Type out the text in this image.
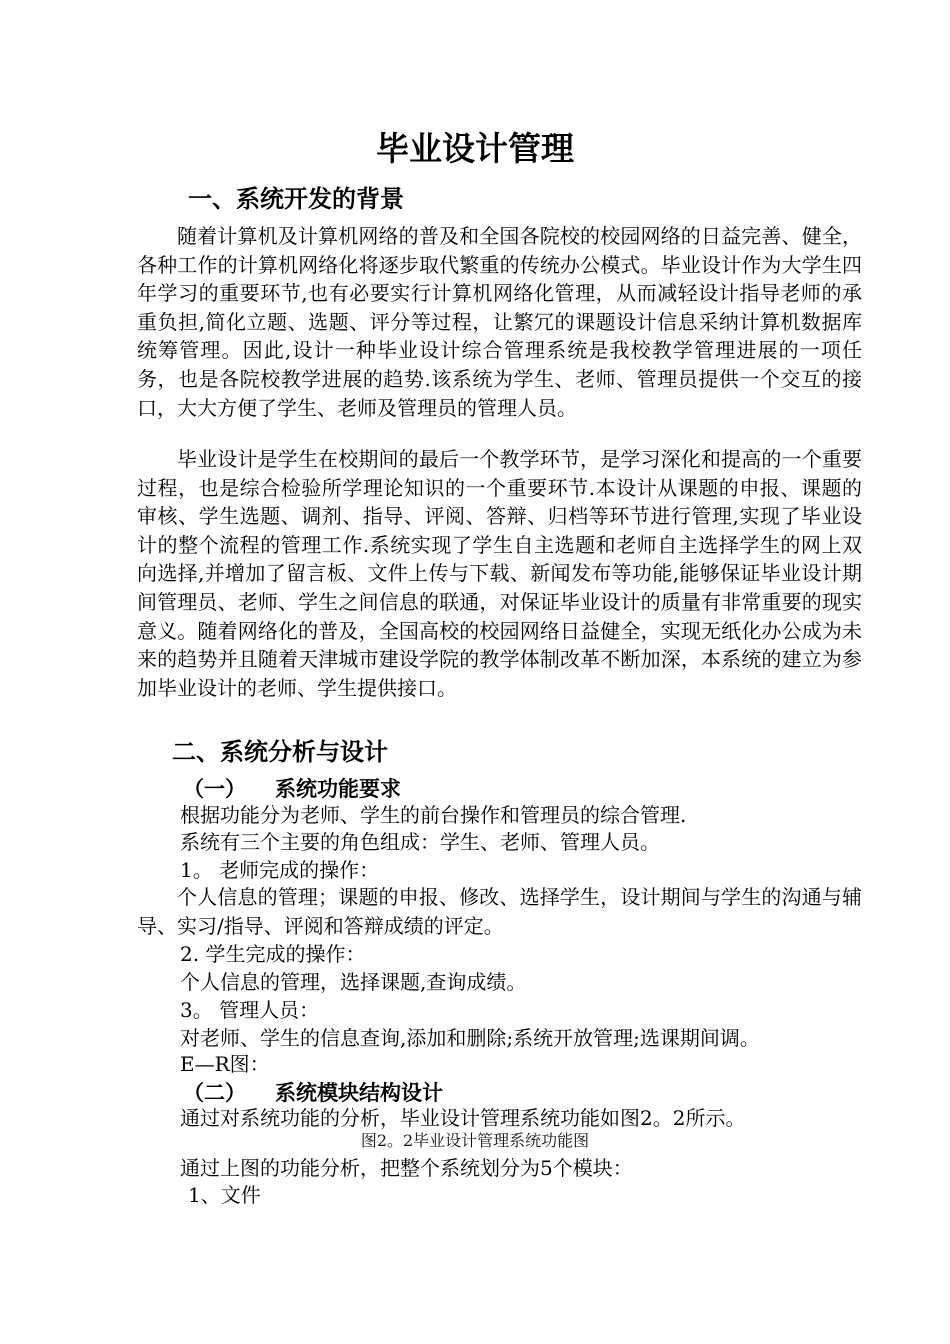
毕业设计管理
一、系统开发的背景

随着计算机及计算机网络的普及和全国各院校的校园网络的日益完善、健全，各种工作的计算机网络化将逐步取代繁重的传统办公模式。毕业设计作为大学生四年学习的重要环节,也有必要实行计算机网络化管理，从而减轻设计指导老师的承重负担,简化立题、选题、评分等过程，让繁冗的课题设计信息采纳计算机数据库统筹管理。因此,设计一种毕业设计综合管理系统是我校教学管理进展的一项任务，也是各院校教学进展的趋势.该系统为学生、老师、管理员提供一个交互的接口，大大方便了学生、老师及管理员的管理人员。

毕业设计是学生在校期间的最后一个教学环节，是学习深化和提高的一个重要过程，也是综合检验所学理论知识的一个重要环节.本设计从课题的申报、课题的审核、学生选题、调剂、指导、评阅、答辩、归档等环节进行管理,实现了毕业设计的整个流程的管理工作.系统实现了学生自主选题和老师自主选择学生的网上双向选择,并增加了留言板、文件上传与下载、新闻发布等功能,能够保证毕业设计期间管理员、老师、学生之间信息的联通，对保证毕业设计的质量有非常重要的现实意义。随着网络化的普及，全国高校的校园网络日益健全，实现无纸化办公成为未来的趋势并且随着天津城市建设学院的教学体制改革不断加深，本系统的建立为参加毕业设计的老师、学生提供接口。

二、系统分析与设计
（一） 系统功能要求

根据功能分为老师、学生的前台操作和管理员的综合管理.

系统有三个主要的角色组成：学生、老师、管理人员。

1。 老师完成的操作：

个人信息的管理；课题的申报、修改、选择学生，设计期间与学生的沟通与辅导、实习/指导、评阅和答辩成绩的评定。

2. 学生完成的操作：

个人信息的管理，选择课题,查询成绩。

3。 管理人员：

对老师、学生的信息查询,添加和删除;系统开放管理;选课期间调。

E—R图：

（二） 系统模块结构设计

通过对系统功能的分析，毕业设计管理系统功能如图2。2所示。

图2。2毕业设计管理系统功能图

通过上图的功能分析，把整个系统划分为5个模块：

1、文件
